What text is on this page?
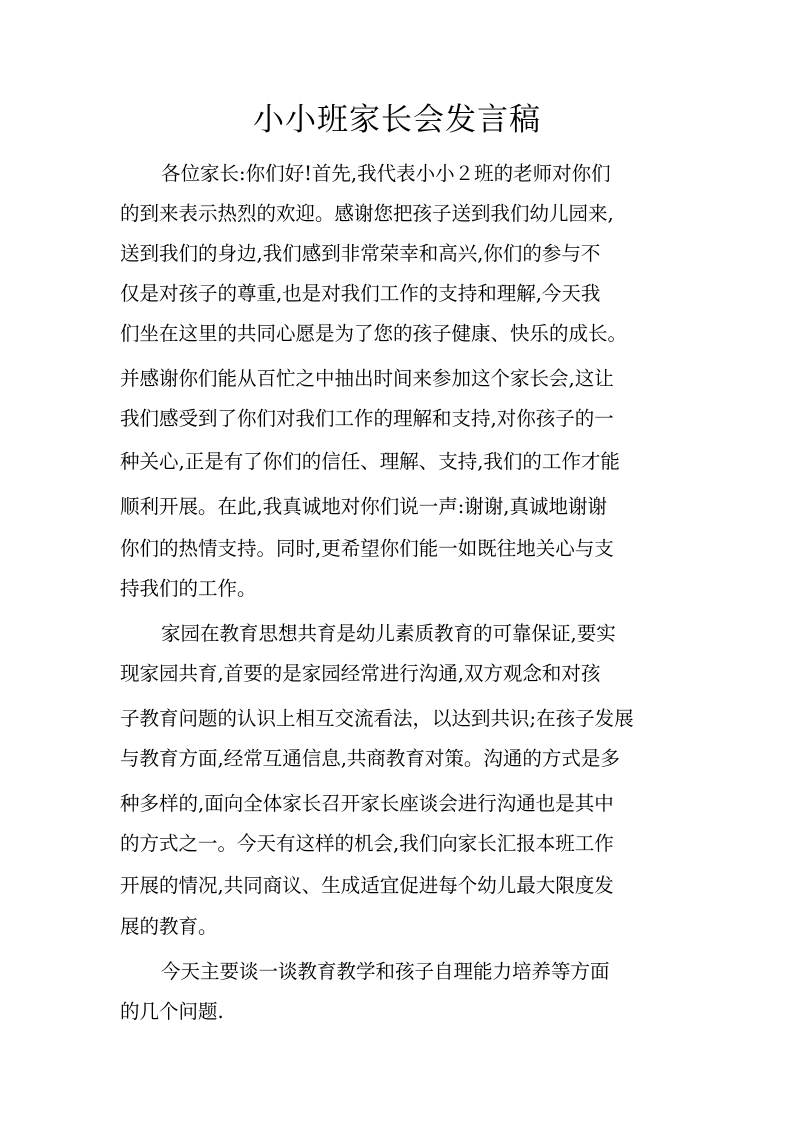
小小班家长会发言稿

各位家长:你们好!首先,我代表小小２班的老师对你们

的到来表示热烈的欢迎。感谢您把孩子送到我们幼儿园来,

送到我们的身边,我们感到非常荣幸和高兴,你们的参与不

仅是对孩子的尊重,也是对我们工作的支持和理解,今天我

们坐在这里的共同心愿是为了您的孩子健康、快乐的成长。

并感谢你们能从百忙之中抽出时间来参加这个家长会,这让

我们感受到了你们对我们工作的理解和支持,对你孩子的一

种关心,正是有了你们的信任、理解、支持,我们的工作才能

顺利开展。在此,我真诚地对你们说一声:谢谢,真诚地谢谢

你们的热情支持。同时,更希望你们能一如既往地关心与支

持我们的工作。

家园在教育思想共育是幼儿素质教育的可靠保证,要实

现家园共育,首要的是家园经常进行沟通,双方观念和对孩

子教育问题的认识上相互交流看法，以达到共识;在孩子发展

与教育方面,经常互通信息,共商教育对策。沟通的方式是多

种多样的,面向全体家长召开家长座谈会进行沟通也是其中

的方式之一。今天有这样的机会,我们向家长汇报本班工作

开展的情况,共同商议、生成适宜促进每个幼儿最大限度发

展的教育。

今天主要谈一谈教育教学和孩子自理能力培养等方面

的几个问题.
